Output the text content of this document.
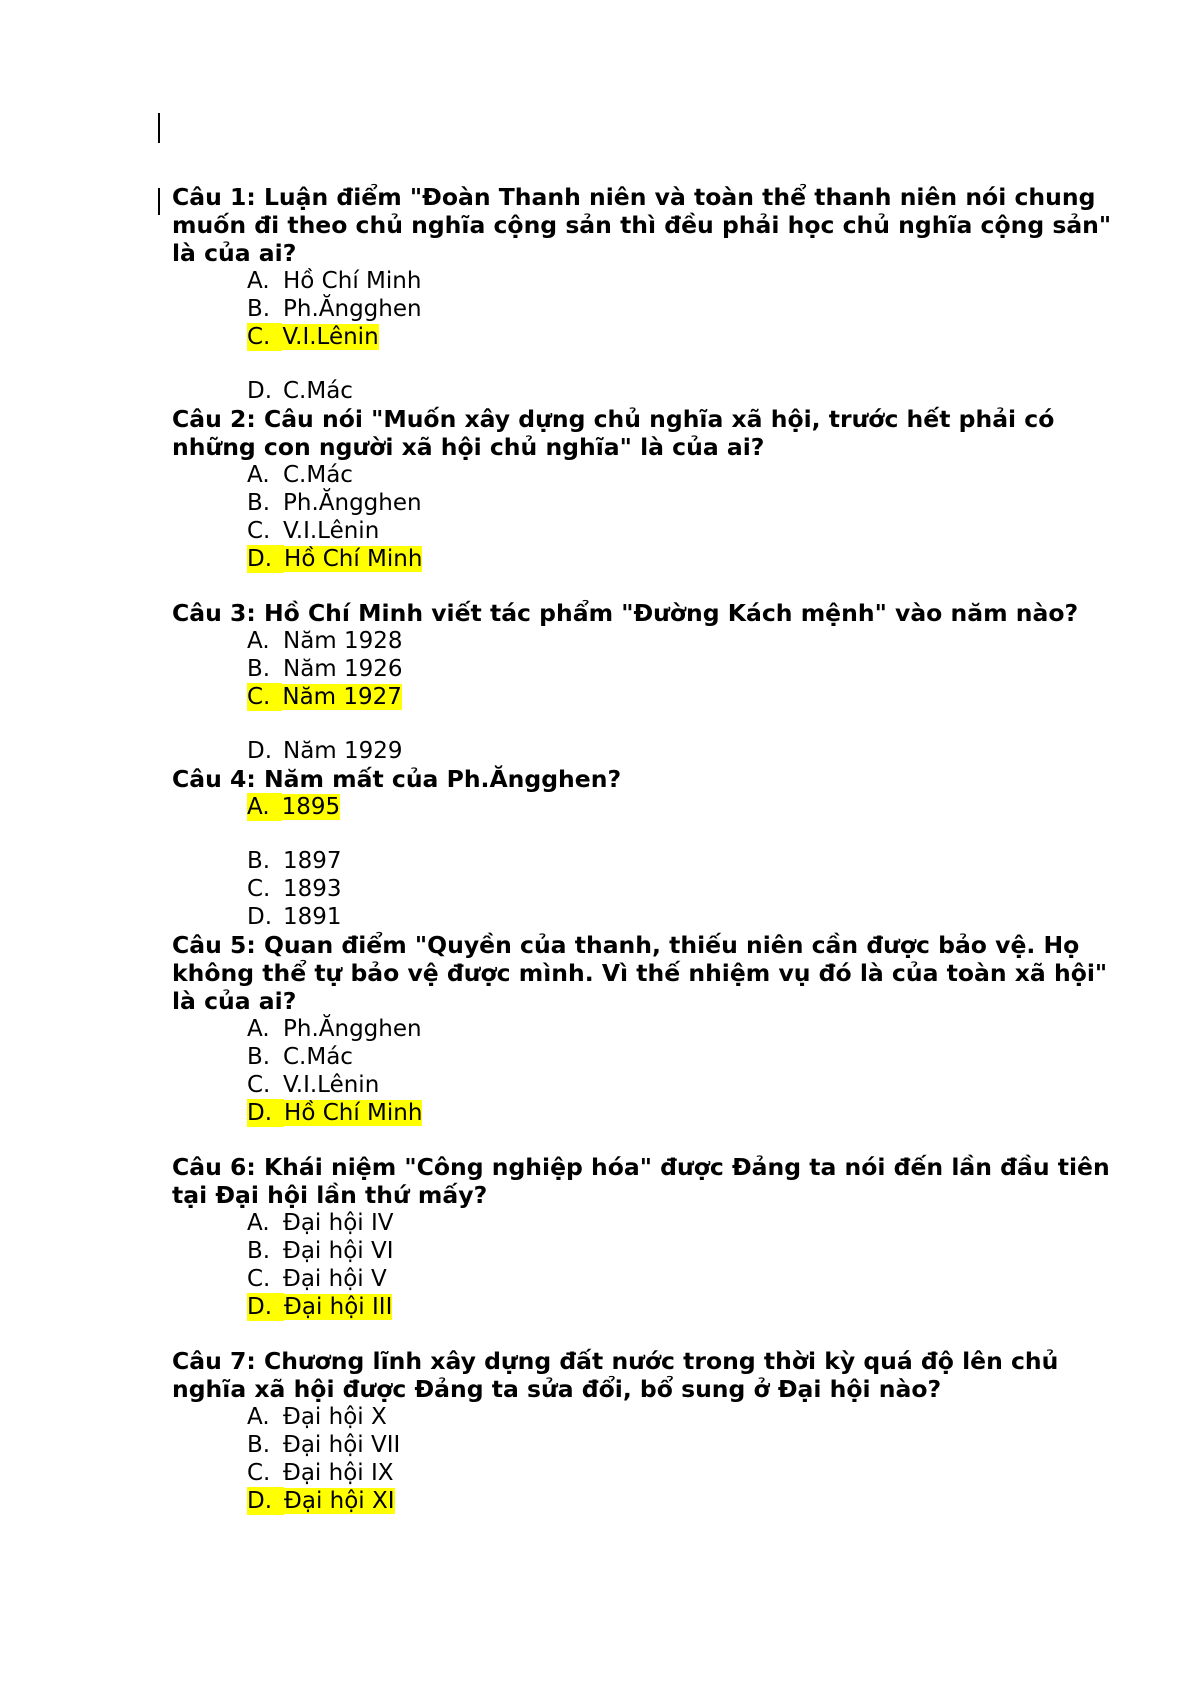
Câu 1: Luận điểm "Đoàn Thanh niên và toàn thể thanh niên nói chung muốn đi theo chủ nghĩa cộng sản thì đều phải học chủ nghĩa cộng sản" là của ai?

A. Hồ Chí Minh
B. Ph.Ăngghen
C. V.I.Lênin
D. C.Mác

Câu 2: Câu nói "Muốn xây dựng chủ nghĩa xã hội, trước hết phải có những con người xã hội chủ nghĩa" là của ai?

A. C.Mác
B. Ph.Ăngghen
C. V.I.Lênin
D. Hồ Chí Minh

Câu 3: Hồ Chí Minh viết tác phẩm "Đường Kách mệnh" vào năm nào?

A. Năm 1928
B. Năm 1926
C. Năm 1927
D. Năm 1929

Câu 4: Năm mất của Ph.Ăngghen?

A. 1895
B. 1897
C. 1893
D. 1891

Câu 5: Quan điểm "Quyền của thanh, thiếu niên cần được bảo vệ. Họ không thể tự bảo vệ được mình. Vì thế nhiệm vụ đó là của toàn xã hội" là của ai?

A. Ph.Ăngghen
B. C.Mác
C. V.I.Lênin
D. Hồ Chí Minh

Câu 6: Khái niệm "Công nghiệp hóa" được Đảng ta nói đến lần đầu tiên tại Đại hội lần thứ mấy?

A. Đại hội IV
B. Đại hội VI
C. Đại hội V
D. Đại hội III

Câu 7: Chương lĩnh xây dựng đất nước trong thời kỳ quá độ lên chủ nghĩa xã hội được Đảng ta sửa đổi, bổ sung ở Đại hội nào?

A. Đại hội X
B. Đại hội VII
C. Đại hội IX
D. Đại hội XI
